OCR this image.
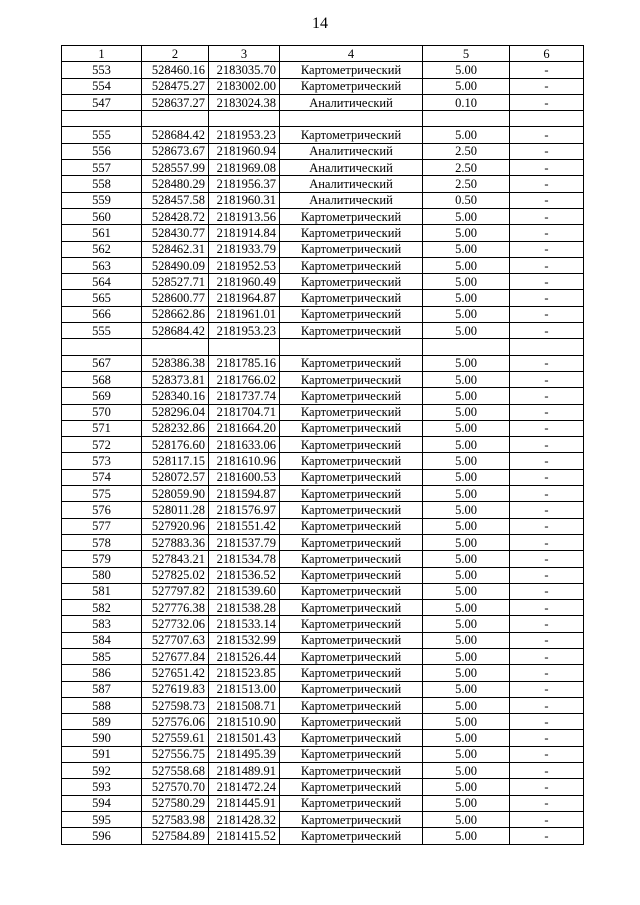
14
1	2	3	4	5	6
553	528460.16	2183035.70	Картометрический	5.00	-
554	528475.27	2183002.00	Картометрический	5.00	-
547	528637.27	2183024.38	Аналитический	0.10	-

555	528684.42	2181953.23	Картометрический	5.00	-
556	528673.67	2181960.94	Аналитический	2.50	-
557	528557.99	2181969.08	Аналитический	2.50	-
558	528480.29	2181956.37	Аналитический	2.50	-
559	528457.58	2181960.31	Аналитический	0.50	-
560	528428.72	2181913.56	Картометрический	5.00	-
561	528430.77	2181914.84	Картометрический	5.00	-
562	528462.31	2181933.79	Картометрический	5.00	-
563	528490.09	2181952.53	Картометрический	5.00	-
564	528527.71	2181960.49	Картометрический	5.00	-
565	528600.77	2181964.87	Картометрический	5.00	-
566	528662.86	2181961.01	Картометрический	5.00	-
555	528684.42	2181953.23	Картометрический	5.00	-

567	528386.38	2181785.16	Картометрический	5.00	-
568	528373.81	2181766.02	Картометрический	5.00	-
569	528340.16	2181737.74	Картометрический	5.00	-
570	528296.04	2181704.71	Картометрический	5.00	-
571	528232.86	2181664.20	Картометрический	5.00	-
572	528176.60	2181633.06	Картометрический	5.00	-
573	528117.15	2181610.96	Картометрический	5.00	-
574	528072.57	2181600.53	Картометрический	5.00	-
575	528059.90	2181594.87	Картометрический	5.00	-
576	528011.28	2181576.97	Картометрический	5.00	-
577	527920.96	2181551.42	Картометрический	5.00	-
578	527883.36	2181537.79	Картометрический	5.00	-
579	527843.21	2181534.78	Картометрический	5.00	-
580	527825.02	2181536.52	Картометрический	5.00	-
581	527797.82	2181539.60	Картометрический	5.00	-
582	527776.38	2181538.28	Картометрический	5.00	-
583	527732.06	2181533.14	Картометрический	5.00	-
584	527707.63	2181532.99	Картометрический	5.00	-
585	527677.84	2181526.44	Картометрический	5.00	-
586	527651.42	2181523.85	Картометрический	5.00	-
587	527619.83	2181513.00	Картометрический	5.00	-
588	527598.73	2181508.71	Картометрический	5.00	-
589	527576.06	2181510.90	Картометрический	5.00	-
590	527559.61	2181501.43	Картометрический	5.00	-
591	527556.75	2181495.39	Картометрический	5.00	-
592	527558.68	2181489.91	Картометрический	5.00	-
593	527570.70	2181472.24	Картометрический	5.00	-
594	527580.29	2181445.91	Картометрический	5.00	-
595	527583.98	2181428.32	Картометрический	5.00	-
596	527584.89	2181415.52	Картометрический	5.00	-
